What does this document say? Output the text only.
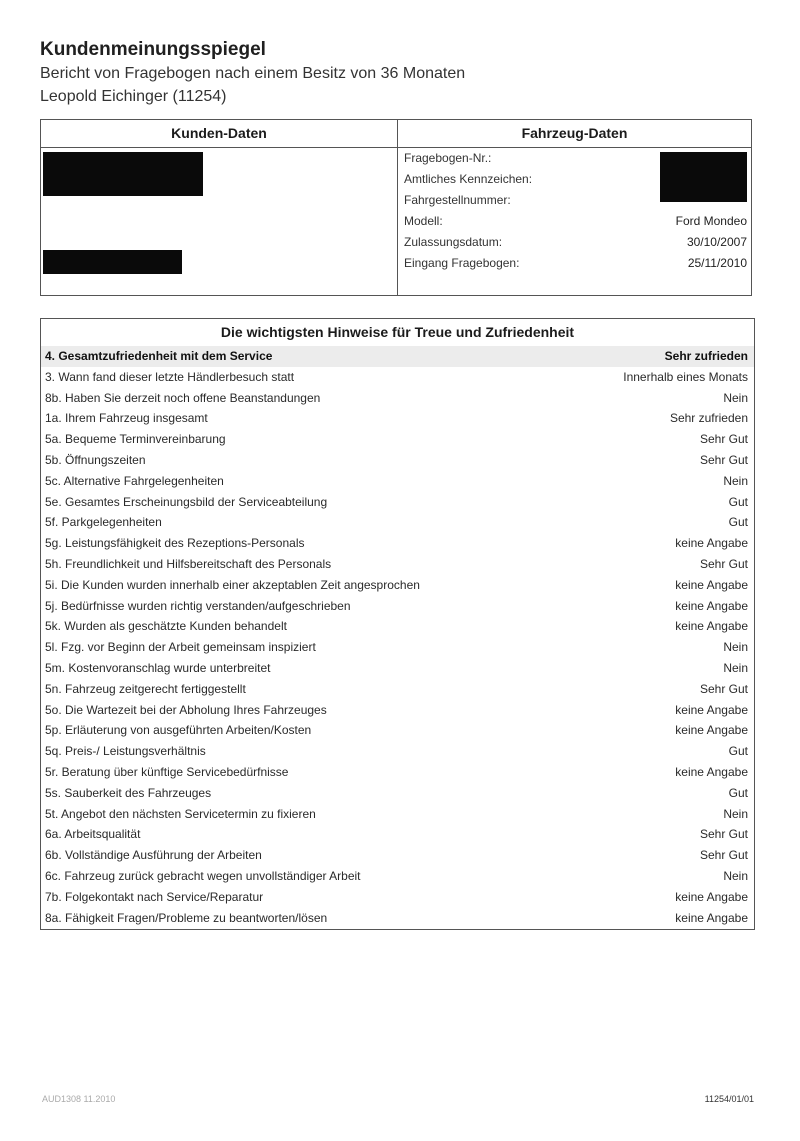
Kundenmeinungsspiegel
Bericht von Fragebogen nach einem Besitz von 36 Monaten
Leopold Eichinger (11254)
Kunden-Daten	Fahrzeug-Daten
Fragebogen-Nr.:
Amtliches Kennzeichen:
Fahrgestellnummer:
Modell:	Ford Mondeo
Zulassungsdatum:	30/10/2007
Eingang Fragebogen:	25/11/2010
Die wichtigsten Hinweise für Treue und Zufriedenheit
4. Gesamtzufriedenheit mit dem Service	Sehr zufrieden
3. Wann fand dieser letzte Händlerbesuch statt	Innerhalb eines Monats
8b. Haben Sie derzeit noch offene Beanstandungen	Nein
1a. Ihrem Fahrzeug insgesamt	Sehr zufrieden
5a. Bequeme Terminvereinbarung	Sehr Gut
5b. Öffnungszeiten	Sehr Gut
5c. Alternative Fahrgelegenheiten	Nein
5e. Gesamtes Erscheinungsbild der Serviceabteilung	Gut
5f. Parkgelegenheiten	Gut
5g. Leistungsfähigkeit des Rezeptions-Personals	keine Angabe
5h. Freundlichkeit und Hilfsbereitschaft des Personals	Sehr Gut
5i. Die Kunden wurden innerhalb einer akzeptablen Zeit angesprochen	keine Angabe
5j. Bedürfnisse wurden richtig verstanden/aufgeschrieben	keine Angabe
5k. Wurden als geschätzte Kunden behandelt	keine Angabe
5l. Fzg. vor Beginn der Arbeit gemeinsam inspiziert	Nein
5m. Kostenvoranschlag wurde unterbreitet	Nein
5n. Fahrzeug zeitgerecht fertiggestellt	Sehr Gut
5o. Die Wartezeit bei der Abholung Ihres Fahrzeuges	keine Angabe
5p. Erläuterung von ausgeführten Arbeiten/Kosten	keine Angabe
5q. Preis-/ Leistungsverhältnis	Gut
5r. Beratung über künftige Servicebedürfnisse	keine Angabe
5s. Sauberkeit des Fahrzeuges	Gut
5t. Angebot den nächsten Servicetermin zu fixieren	Nein
6a. Arbeitsqualität	Sehr Gut
6b. Vollständige Ausführung der Arbeiten	Sehr Gut
6c. Fahrzeug zurück gebracht wegen unvollständiger Arbeit	Nein
7b. Folgekontakt nach Service/Reparatur	keine Angabe
8a. Fähigkeit Fragen/Probleme zu beantworten/lösen	keine Angabe
AUD1308 11.2010	11254/01/01
